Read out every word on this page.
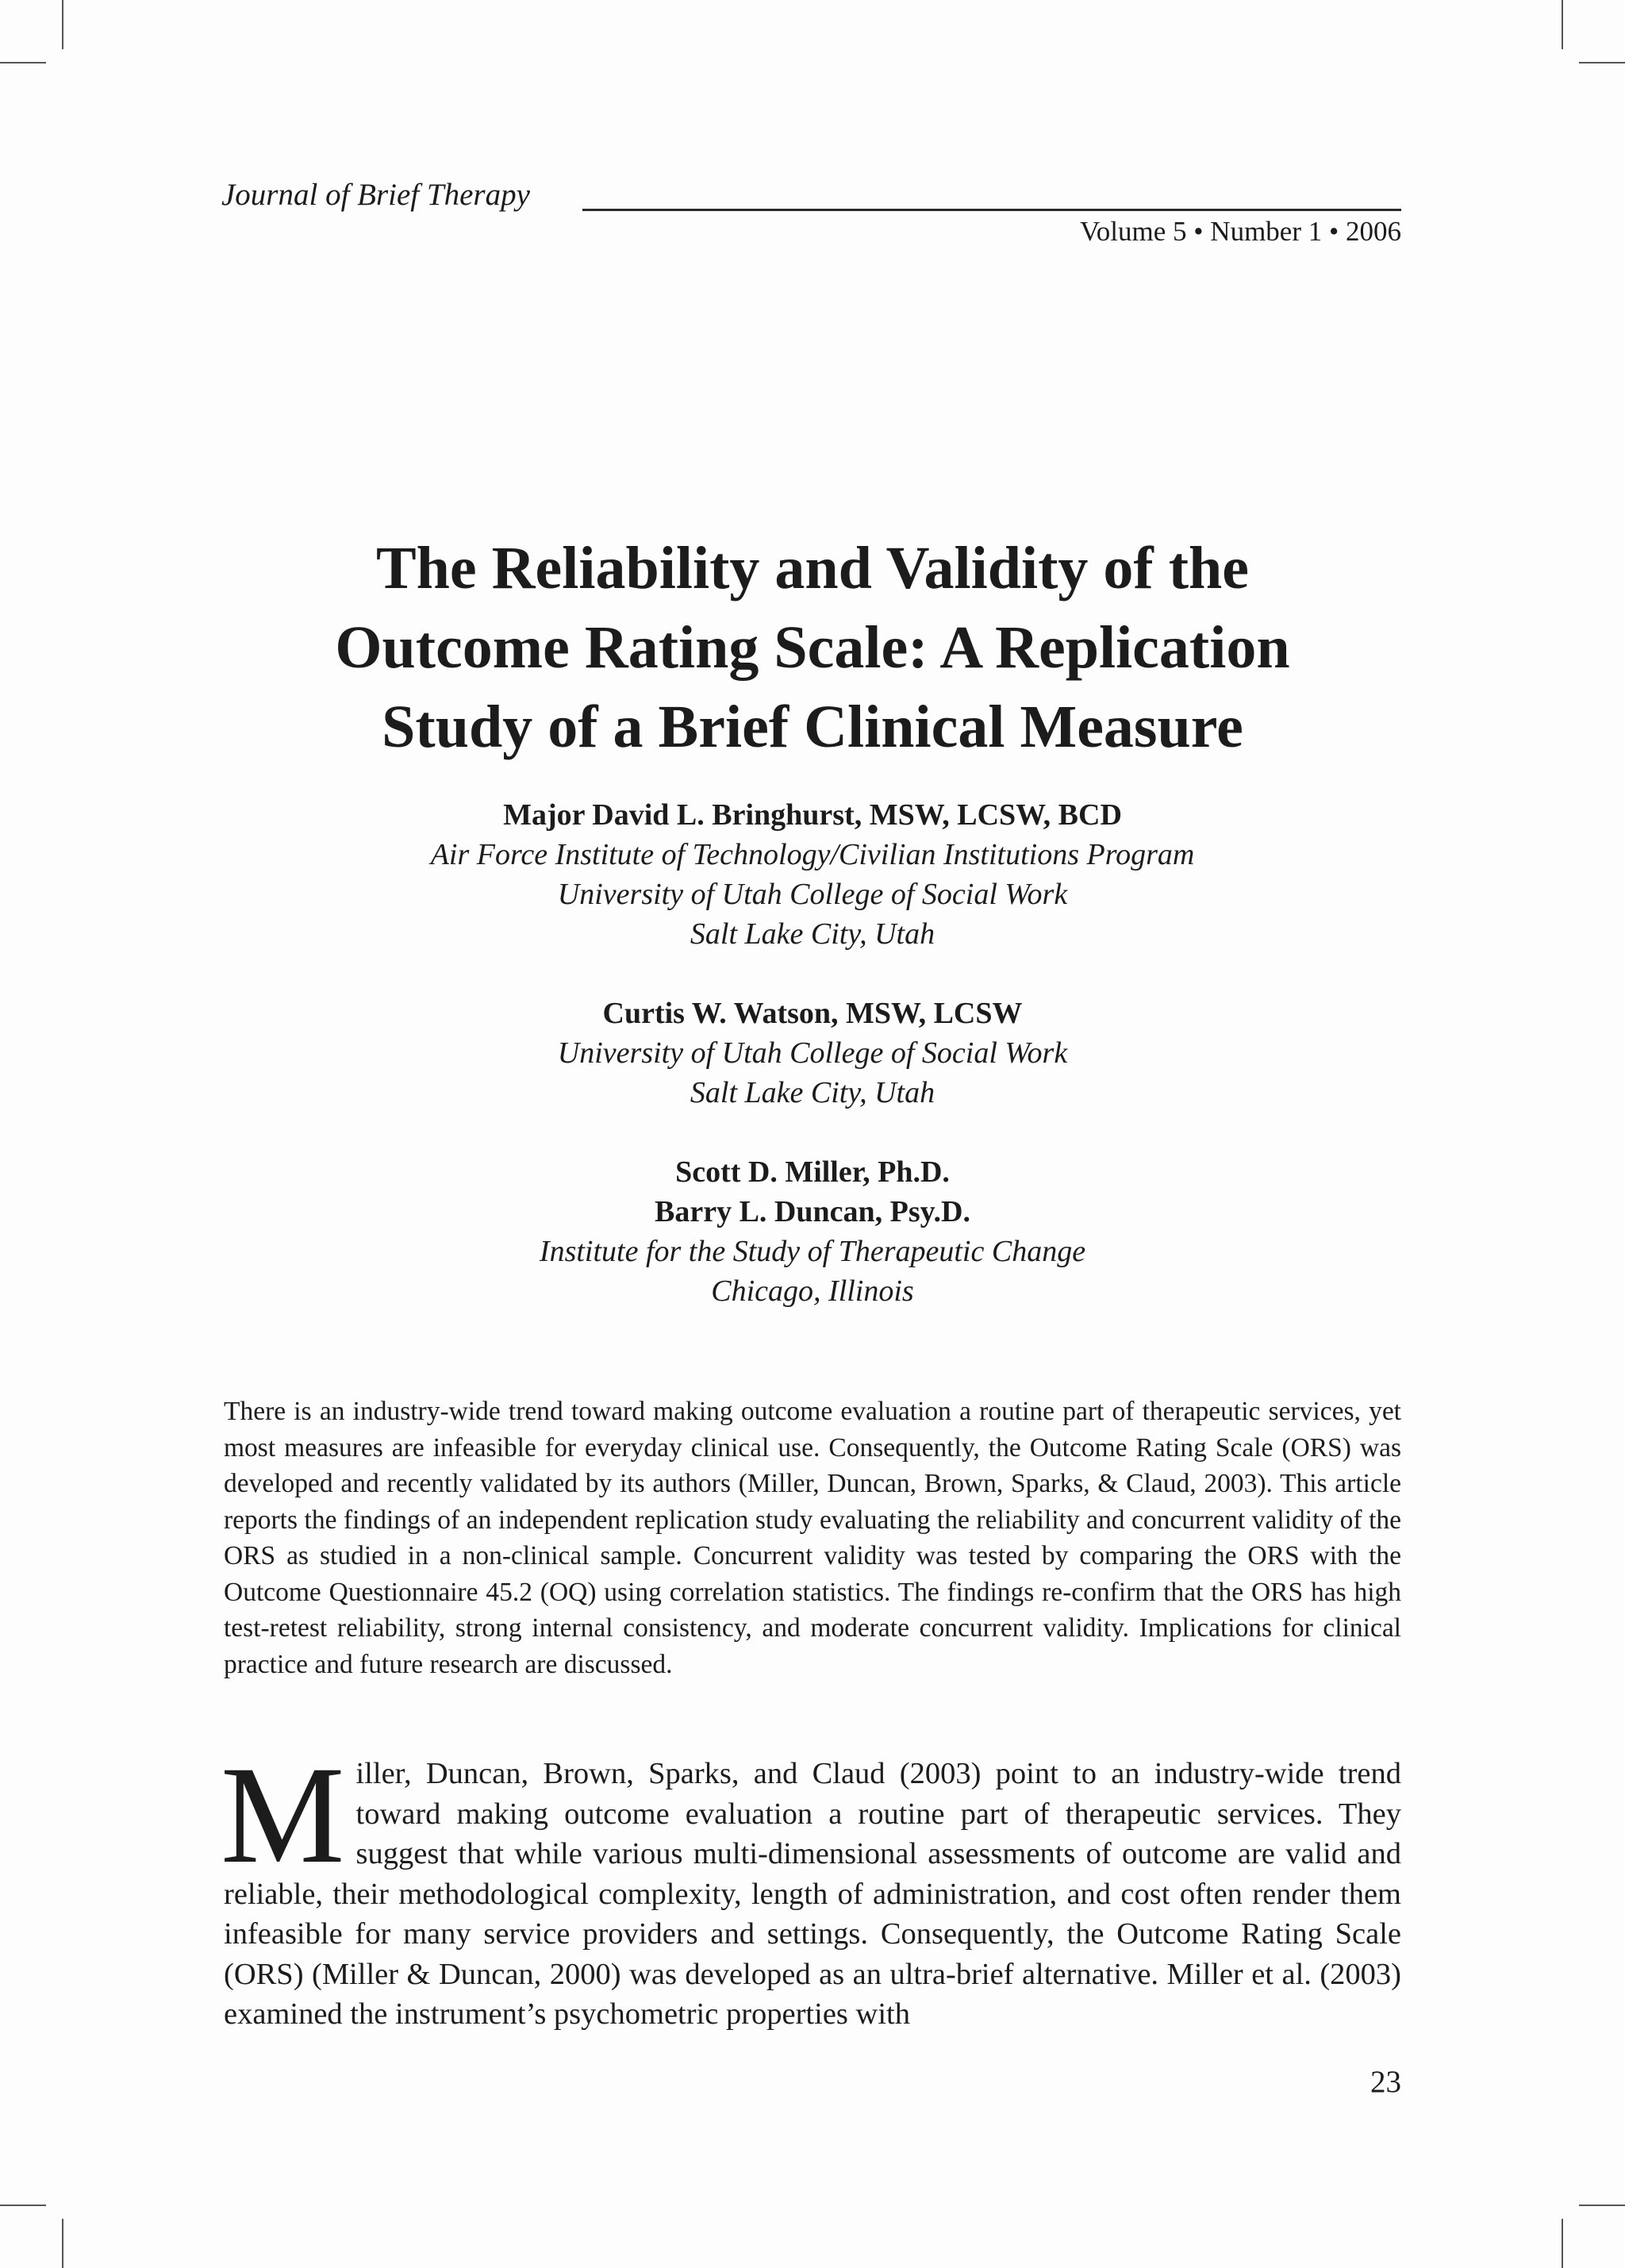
Journal of Brief Therapy
Volume 5 • Number 1 • 2006
The Reliability and Validity of the
Outcome Rating Scale: A Replication
Study of a Brief Clinical Measure
Major David L. Bringhurst, MSW, LCSW, BCD
Air Force Institute of Technology/Civilian Institutions Program
University of Utah College of Social Work
Salt Lake City, Utah
Curtis W. Watson, MSW, LCSW
University of Utah College of Social Work
Salt Lake City, Utah
Scott D. Miller, Ph.D.
Barry L. Duncan, Psy.D.
Institute for the Study of Therapeutic Change
Chicago, Illinois
There is an industry-wide trend toward making outcome evaluation a routine part of therapeutic services, yet most measures are infeasible for everyday clinical use. Consequently, the Outcome Rating Scale (ORS) was developed and recently validated by its authors (Miller, Duncan, Brown, Sparks, & Claud, 2003). This article reports the findings of an independent replication study evaluating the reliability and concurrent validity of the ORS as studied in a non-clinical sample. Concurrent validity was tested by comparing the ORS with the Outcome Questionnaire 45.2 (OQ) using correlation statistics. The findings re-confirm that the ORS has high test-retest reliability, strong internal consistency, and moderate concurrent validity. Implications for clinical practice and future research are discussed.
Miller, Duncan, Brown, Sparks, and Claud (2003) point to an industry-wide trend toward making outcome evaluation a routine part of therapeutic services. They suggest that while various multi-dimensional assessments of outcome are valid and reliable, their methodological complexity, length of administration, and cost often render them infeasible for many service providers and settings. Consequently, the Outcome Rating Scale (ORS) (Miller & Duncan, 2000) was developed as an ultra-brief alternative. Miller et al. (2003) examined the instrument’s psychometric properties with
23
